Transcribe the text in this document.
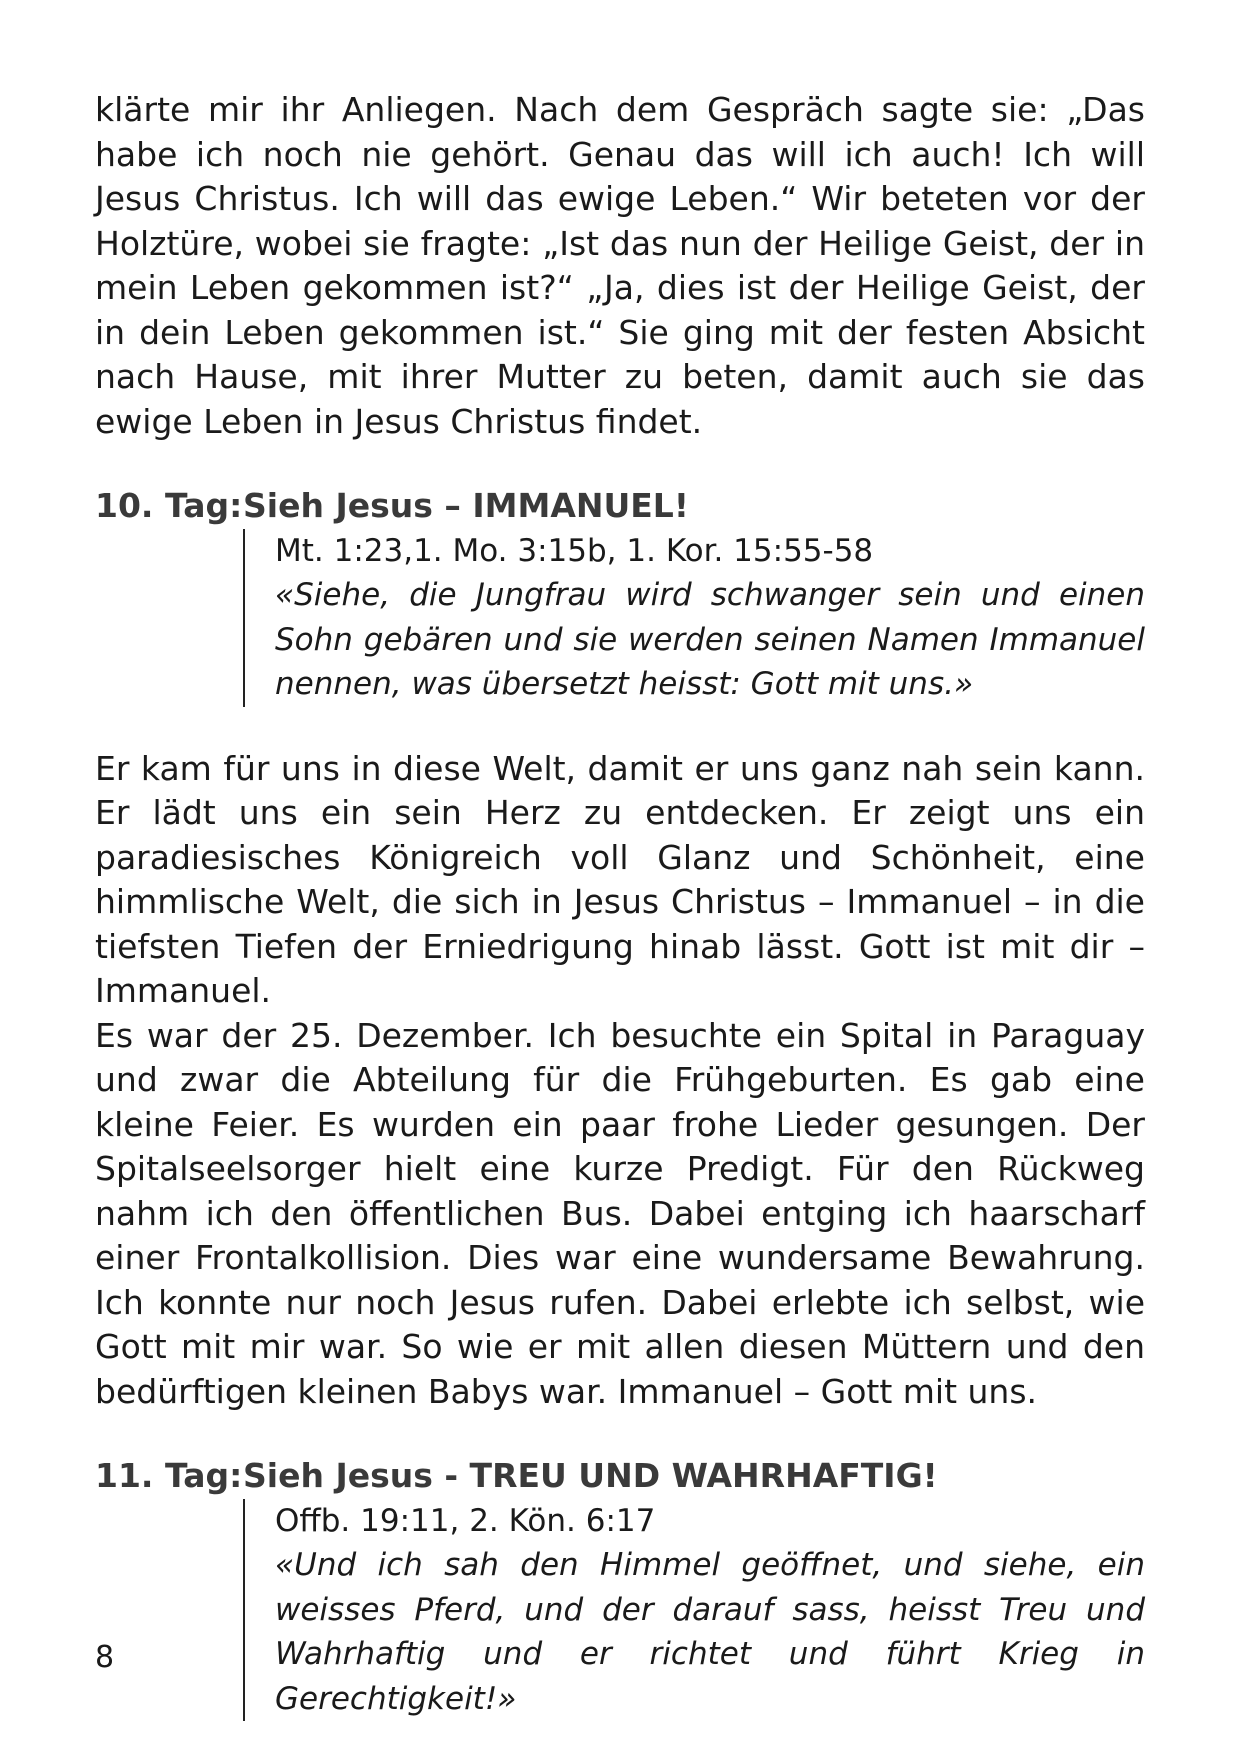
klärte mir ihr Anliegen. Nach dem Gespräch sagte sie: „Das habe ich noch nie gehört. Genau das will ich auch! Ich will Jesus Christus. Ich will das ewige Leben.“ Wir beteten vor der Holztüre, wobei sie fragte: „Ist das nun der Heilige Geist, der in mein Leben gekommen ist?“ „Ja, dies ist der Heilige Geist, der in dein Leben gekommen ist.“ Sie ging mit der festen Absicht nach Hause, mit ihrer Mutter zu beten, damit auch sie das ewige Leben in Jesus Christus findet.

10. Tag: Sieh Jesus – IMMANUEL!
Mt. 1:23,1. Mo. 3:15b, 1. Kor. 15:55-58
«Siehe, die Jungfrau wird schwanger sein und einen Sohn gebären und sie werden seinen Namen Immanuel nennen, was übersetzt heisst: Gott mit uns.»

Er kam für uns in diese Welt, damit er uns ganz nah sein kann. Er lädt uns ein sein Herz zu entdecken. Er zeigt uns ein paradiesisches Königreich voll Glanz und Schönheit, eine himmlische Welt, die sich in Jesus Christus – Immanuel – in die tiefsten Tiefen der Erniedrigung hinab lässt. Gott ist mit dir – Immanuel.

Es war der 25. Dezember. Ich besuchte ein Spital in Paraguay und zwar die Abteilung für die Frühgeburten. Es gab eine kleine Feier. Es wurden ein paar frohe Lieder gesungen. Der Spitalseelsorger hielt eine kurze Predigt. Für den Rückweg nahm ich den öffentlichen Bus. Dabei entging ich haarscharf einer Frontalkollision. Dies war eine wundersame Bewahrung. Ich konnte nur noch Jesus rufen. Dabei erlebte ich selbst, wie Gott mit mir war. So wie er mit allen diesen Müttern und den bedürftigen kleinen Babys war. Immanuel – Gott mit uns.

11. Tag: Sieh Jesus - TREU UND WAHRHAFTIG!
Offb. 19:11, 2. Kön. 6:17
«Und ich sah den Himmel geöffnet, und siehe, ein weisses Pferd, und der darauf sass, heisst Treu und Wahrhaftig und er richtet und führt Krieg in Gerechtigkeit!»
8
